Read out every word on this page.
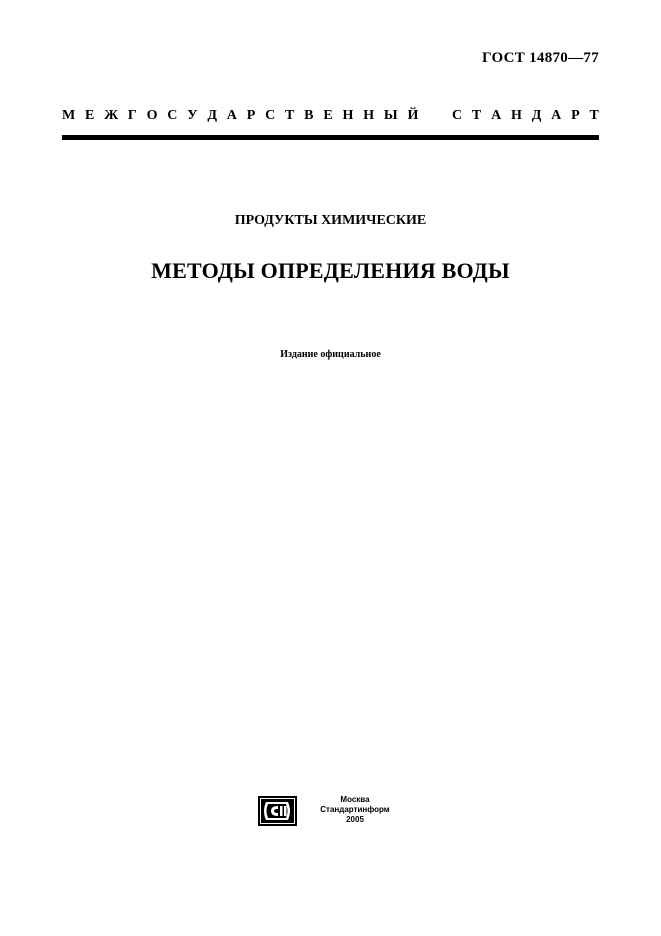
ГОСТ 14870—77
М Е Ж Г О С У Д А Р С Т В Е Н Н Ы Й С Т А Н Д А Р Т
ПРОДУКТЫ ХИМИЧЕСКИЕ
МЕТОДЫ ОПРЕДЕЛЕНИЯ ВОДЫ
Издание официальное
Москва
Стандартинформ
2005
